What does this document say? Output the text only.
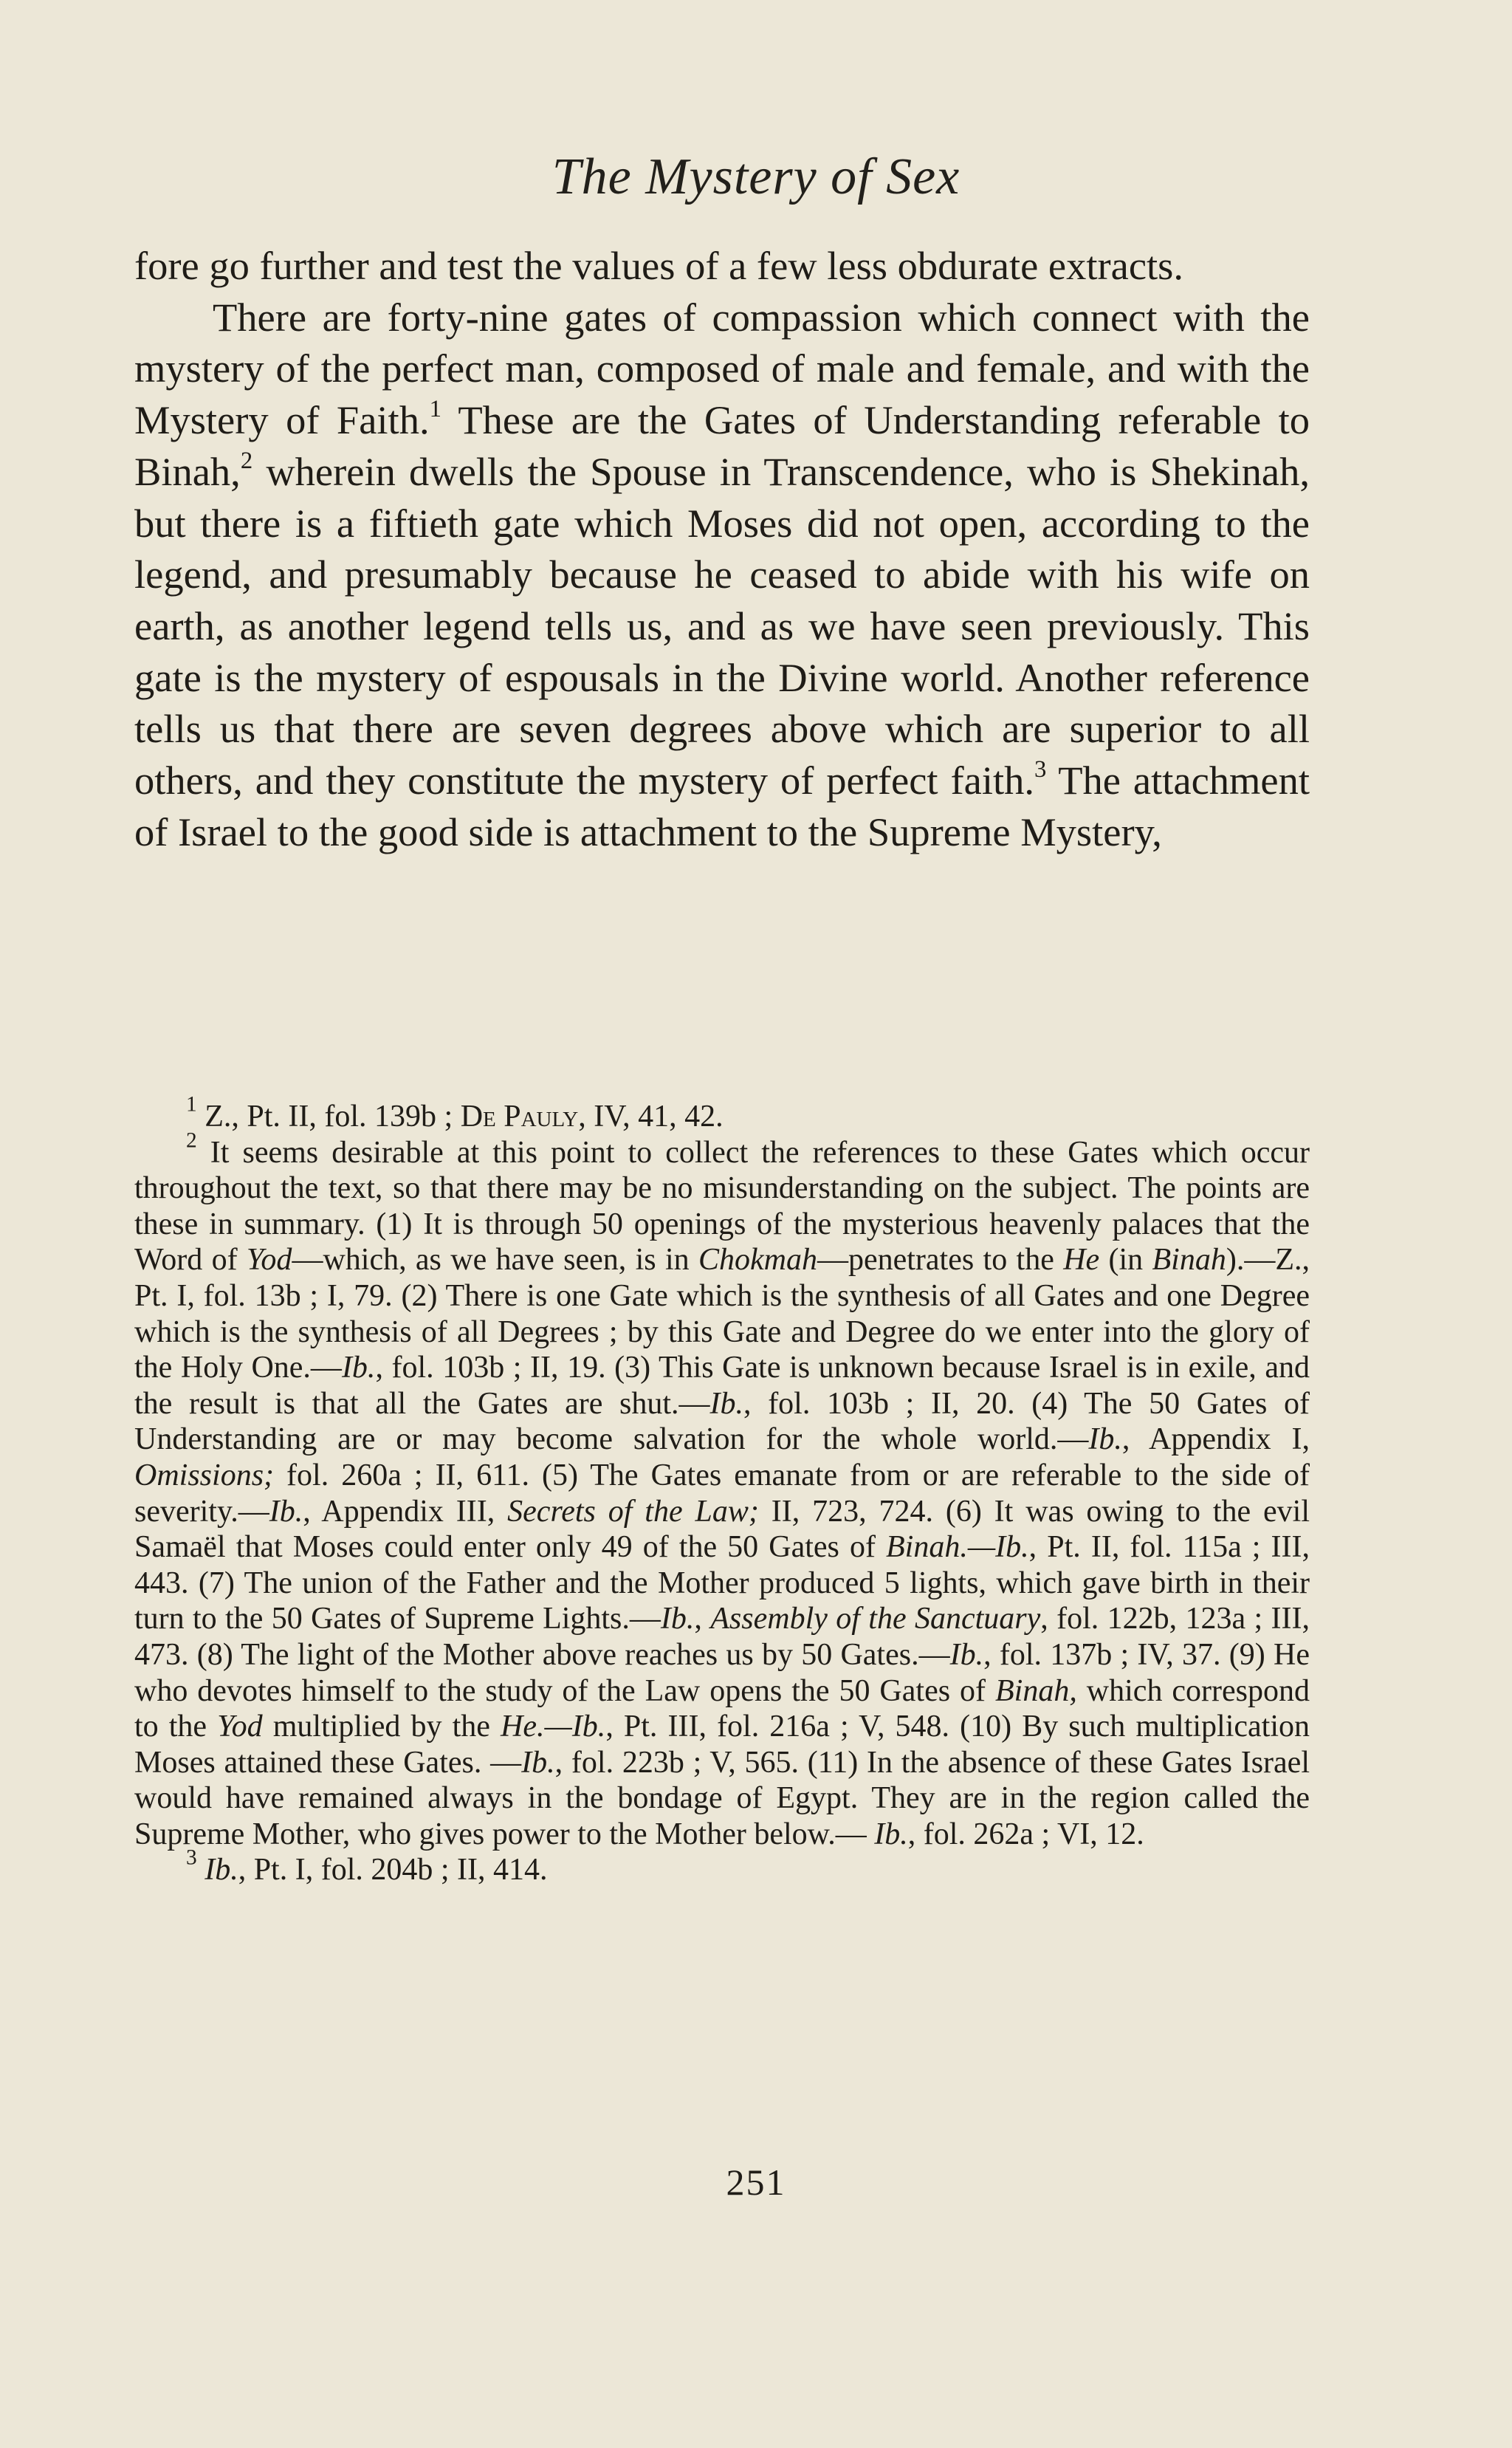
The Mystery of Sex

fore go further and test the values of a few less obdurate extracts.

There are forty-nine gates of compassion which connect with the mystery of the perfect man, composed of male and female, and with the Mystery of Faith.$^1$ These are the Gates of Understanding referable to Binah,$^2$ wherein dwells the Spouse in Transcendence, who is Shekinah, but there is a fiftieth gate which Moses did not open, according to the legend, and presumably because he ceased to abide with his wife on earth, as another legend tells us, and as we have seen previously. This gate is the mystery of espousals in the Divine world. Another reference tells us that there are seven degrees above which are superior to all others, and they constitute the mystery of perfect faith.$^3$ The attachment of Israel to the good side is attachment to the Supreme Mystery,

$^1$ Z., Pt. II, fol. 139b ; De Pauly, IV, 41, 42.

$^2$ It seems desirable at this point to collect the references to these Gates which occur throughout the text, so that there may be no misunderstanding on the subject. The points are these in summary. (1) It is through 50 openings of the mysterious heavenly palaces that the Word of Yod—which, as we have seen, is in Chokmah—penetrates to the He (in Binah).—Z., Pt. I, fol. 13b ; I, 79. (2) There is one Gate which is the synthesis of all Gates and one Degree which is the synthesis of all Degrees ; by this Gate and Degree do we enter into the glory of the Holy One.—Ib., fol. 103b ; II, 19. (3) This Gate is unknown because Israel is in exile, and the result is that all the Gates are shut.—Ib., fol. 103b ; II, 20. (4) The 50 Gates of Understanding are or may become salvation for the whole world.—Ib., Appendix I, Omissions; fol. 260a ; II, 611. (5) The Gates emanate from or are referable to the side of severity.—Ib., Appendix III, Secrets of the Law; II, 723, 724. (6) It was owing to the evil Samaël that Moses could enter only 49 of the 50 Gates of Binah.—Ib., Pt. II, fol. 115a ; III, 443. (7) The union of the Father and the Mother produced 5 lights, which gave birth in their turn to the 50 Gates of Supreme Lights.—Ib., Assembly of the Sanctuary, fol. 122b, 123a ; III, 473. (8) The light of the Mother above reaches us by 50 Gates.—Ib., fol. 137b ; IV, 37. (9) He who devotes himself to the study of the Law opens the 50 Gates of Binah, which correspond to the Yod multiplied by the He.—Ib., Pt. III, fol. 216a ; V, 548. (10) By such multiplication Moses attained these Gates. —Ib., fol. 223b ; V, 565. (11) In the absence of these Gates Israel would have remained always in the bondage of Egypt. They are in the region called the Supreme Mother, who gives power to the Mother below.— Ib., fol. 262a ; VI, 12.

$^3$ Ib., Pt. I, fol. 204b ; II, 414.

251
